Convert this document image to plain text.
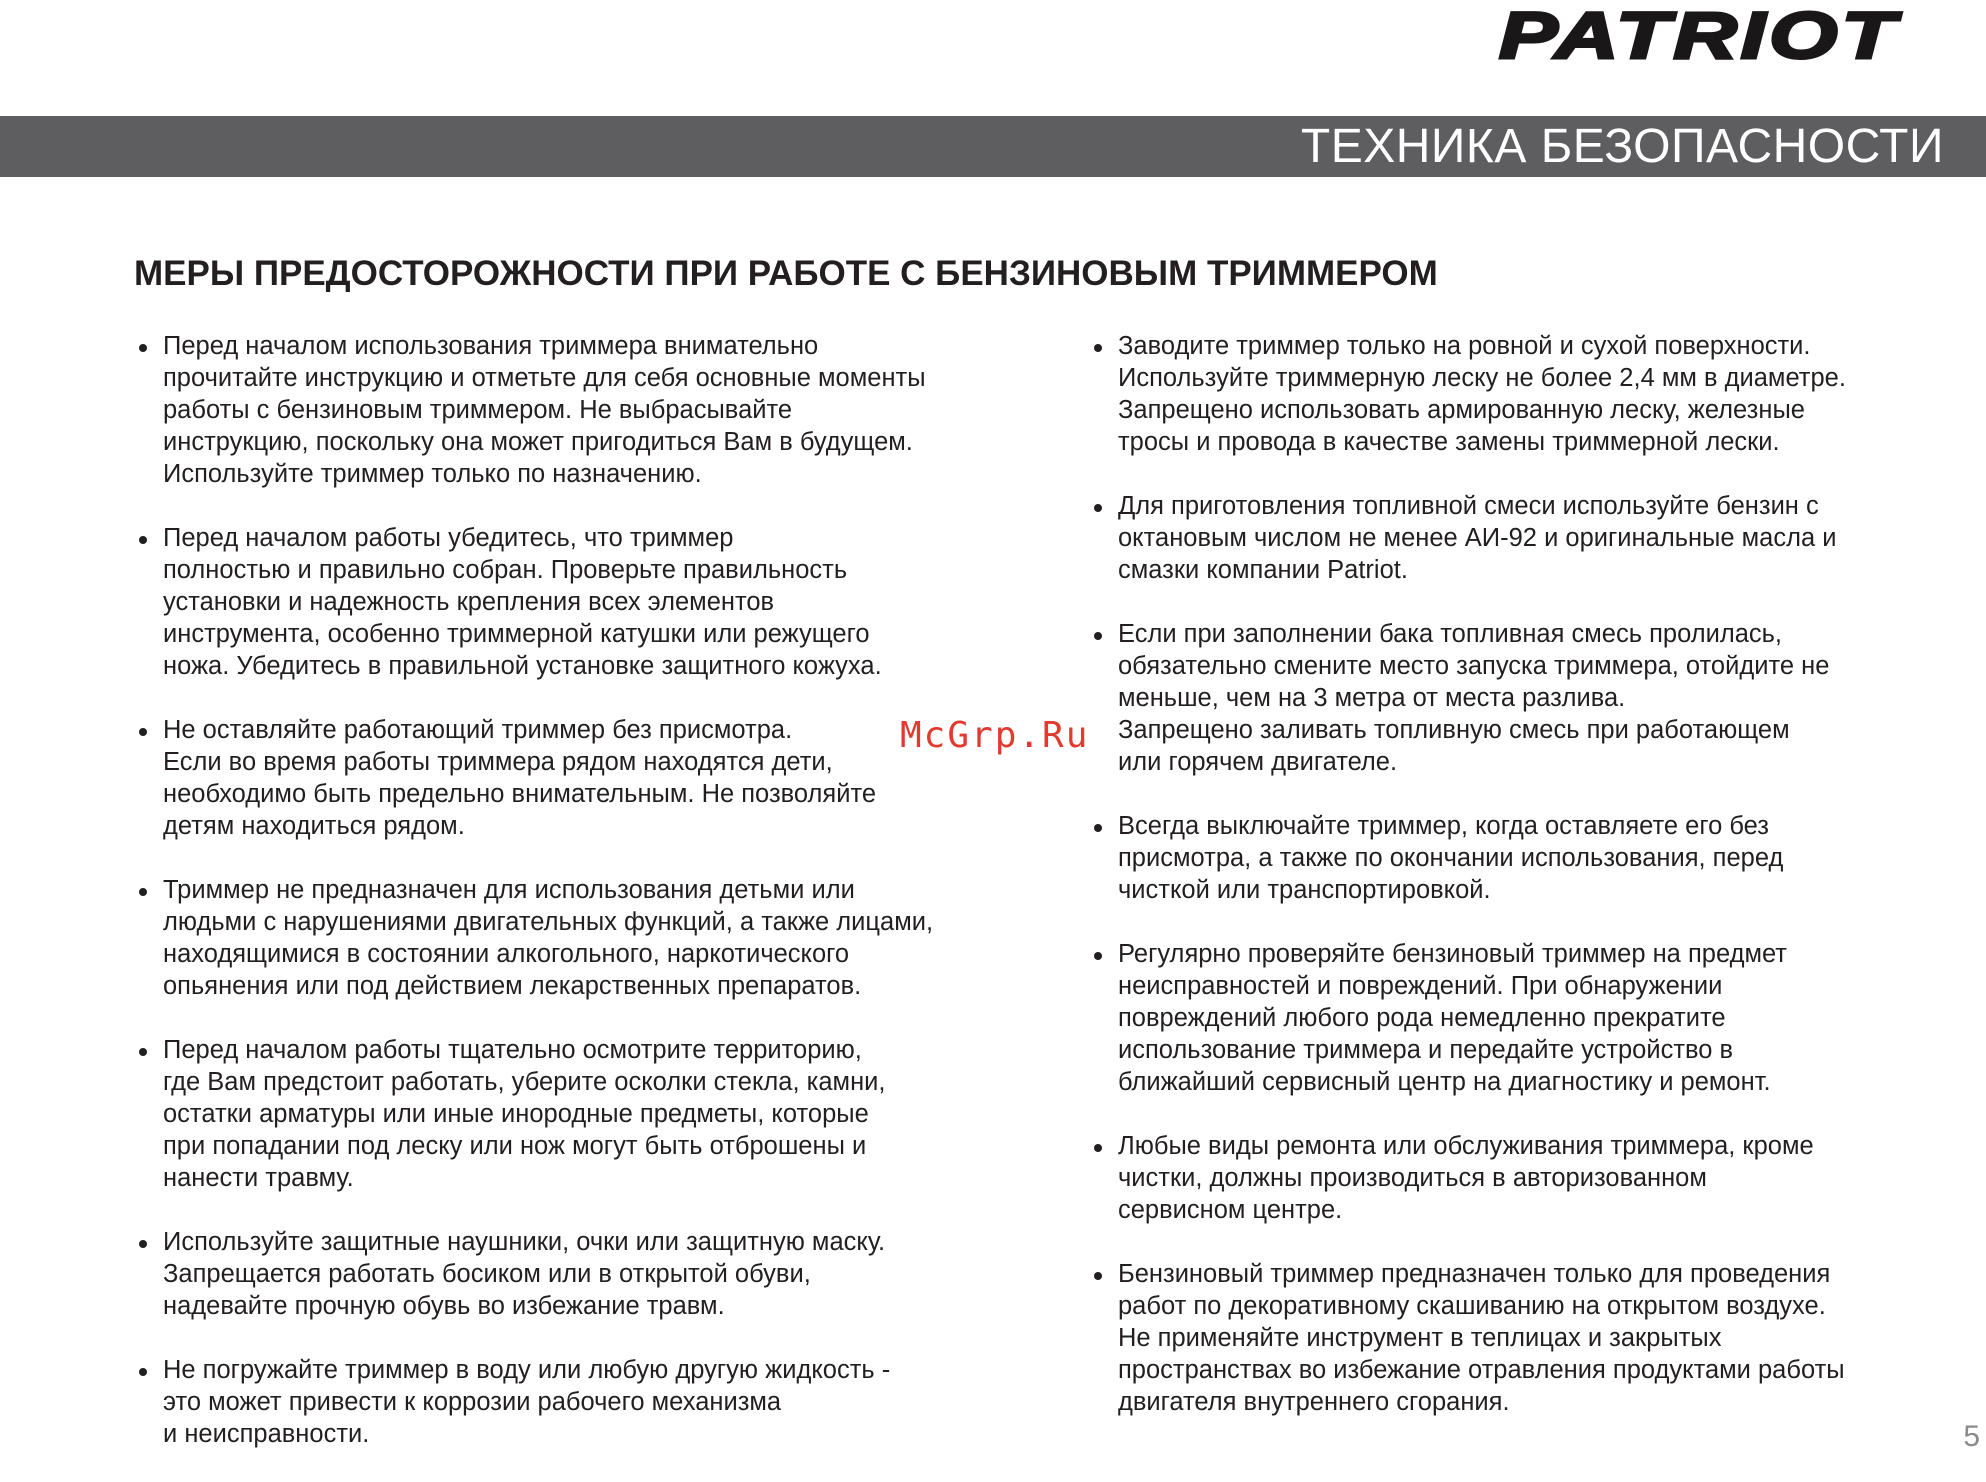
PATRIOT
ТЕХНИКА БЕЗОПАСНОСТИ
МЕРЫ ПРЕДОСТОРОЖНОСТИ ПРИ РАБОТЕ С БЕНЗИНОВЫМ ТРИММЕРОМ
Перед началом использования триммера внимательно
прочитайте инструкцию и отметьте для себя основные моменты
работы с бензиновым триммером. Не выбрасывайте
инструкцию, поскольку она может пригодиться Вам в будущем.
Используйте триммер только по назначению.
Перед началом работы убедитесь, что триммер
полностью и правильно собран. Проверьте правильность
установки и надежность крепления всех элементов
инструмента, особенно триммерной катушки или режущего
ножа. Убедитесь в правильной установке защитного кожуха.
Не оставляйте работающий триммер без присмотра.
Если во время работы триммера рядом находятся дети,
необходимо быть предельно внимательным. Не позволяйте
детям находиться рядом.
Триммер не предназначен для использования детьми или
людьми с нарушениями двигательных функций, а также лицами,
находящимися в состоянии алкогольного, наркотического
опьянения или под действием лекарственных препаратов.
Перед началом работы тщательно осмотрите территорию,
где Вам предстоит работать, уберите осколки стекла, камни,
остатки арматуры или иные инородные предметы, которые
при попадании под леску или нож могут быть отброшены и
нанести травму.
Используйте защитные наушники, очки или защитную маску.
Запрещается работать босиком или в открытой обуви,
надевайте прочную обувь во избежание травм.
Не погружайте триммер в воду или любую другую жидкость -
это может привести к коррозии рабочего механизма
и неисправности.
Заводите триммер только на ровной и сухой поверхности.
Используйте триммерную леску не более 2,4 мм в диаметре.
Запрещено использовать армированную леску, железные
тросы и провода в качестве замены триммерной лески.
Для приготовления топливной смеси используйте бензин с
октановым числом не менее АИ-92 и оригинальные масла и
смазки компании Patriot.
Если при заполнении бака топливная смесь пролилась,
обязательно смените место запуска триммера, отойдите не
меньше, чем на 3 метра от места разлива.
Запрещено заливать топливную смесь при работающем
или горячем двигателе.
Всегда выключайте триммер, когда оставляете его без
присмотра, а также по окончании использования, перед
чисткой или транспортировкой.
Регулярно проверяйте бензиновый триммер на предмет
неисправностей и повреждений. При обнаружении
повреждений любого рода немедленно прекратите
использование триммера и передайте устройство в
ближайший сервисный центр на диагностику и ремонт.
Любые виды ремонта или обслуживания триммера, кроме
чистки, должны производиться в авторизованном
сервисном центре.
Бензиновый триммер предназначен только для проведения
работ по декоративному скашиванию на открытом воздухе.
Не применяйте инструмент в теплицах и закрытых
пространствах во избежание отравления продуктами работы
двигателя внутреннего сгорания.
McGrp.Ru
5
